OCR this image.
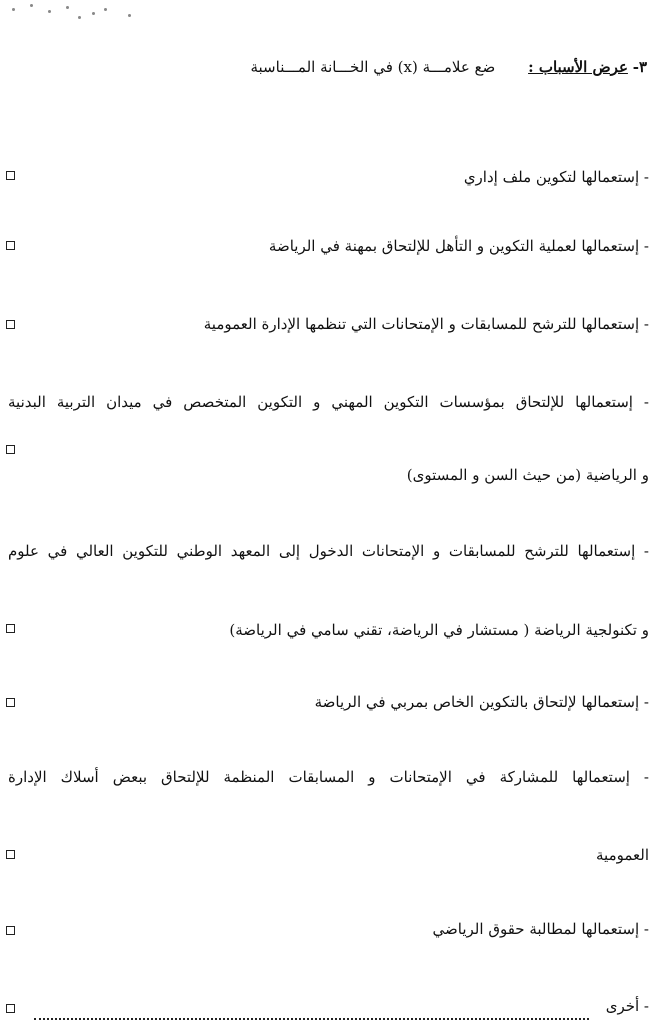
٣- عرض الأسباب : ضع علامـــة (x) في الخـــانة المـــناسبة
- إستعمالها لتكوين ملف إداري
- إستعمالها لعملية التكوين و التأهل للإلتحاق بمهنة في الرياضة
- إستعمالها للترشح للمسابقات و الإمتحانات التي تنظمها الإدارة العمومية
- إستعمالها للإلتحاق بمؤسسات التكوين المهني و التكوين المتخصص في ميدان التربية البدنية
و الرياضية (من حيث السن و المستوى)
- إستعمالها للترشح للمسابقات و الإمتحانات الدخول إلى المعهد الوطني للتكوين العالي في علوم
و تكنولجية الرياضة ( مستشار في الرياضة، تقني سامي في الرياضة)
- إستعمالها لإلتحاق بالتكوين الخاص بمربي في الرياضة
- إستعمالها للمشاركة في الإمتحانات و المسابقات المنظمة للإلتحاق ببعض أسلاك الإدارة
العمومية
- إستعمالها لمطالبة حقوق الرياضي
- أخرى
